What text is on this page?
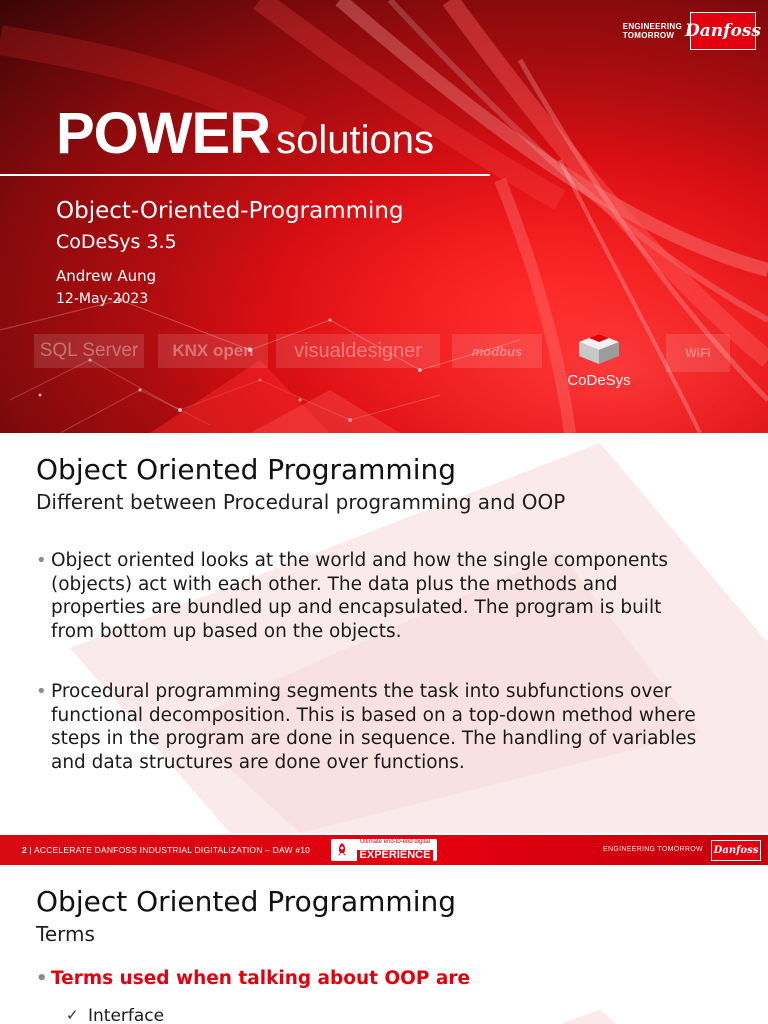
ENGINEERING
TOMORROW Danfoss
POWER solutions
Object-Oriented-Programming
CoDeSys 3.5
Andrew Aung
12-May-2023
SQL Server	KNX open	visualdesigner	modbus	WiFi
CoDeSys
Object Oriented Programming
Different between Procedural programming and OOP
• Object oriented looks at the world and how the single components
(objects) act with each other. The data plus the methods and
properties are bundled up and encapsulated. The program is built
from bottom up based on the objects.
• Procedural programming segments the task into subfunctions over
functional decomposition. This is based on a top-down method where
steps in the program are done in sequence. The handling of variables
and data structures are done over functions.
2 | ACCELERATE DANFOSS INDUSTRIAL DIGITALIZATION – DAW #10
Ultimate end-to-end digital
EXPERIENCE	ENGINEERING TOMORROW Danfoss
Object Oriented Programming
Terms
• Terms used when talking about OOP are
✓ Interface
